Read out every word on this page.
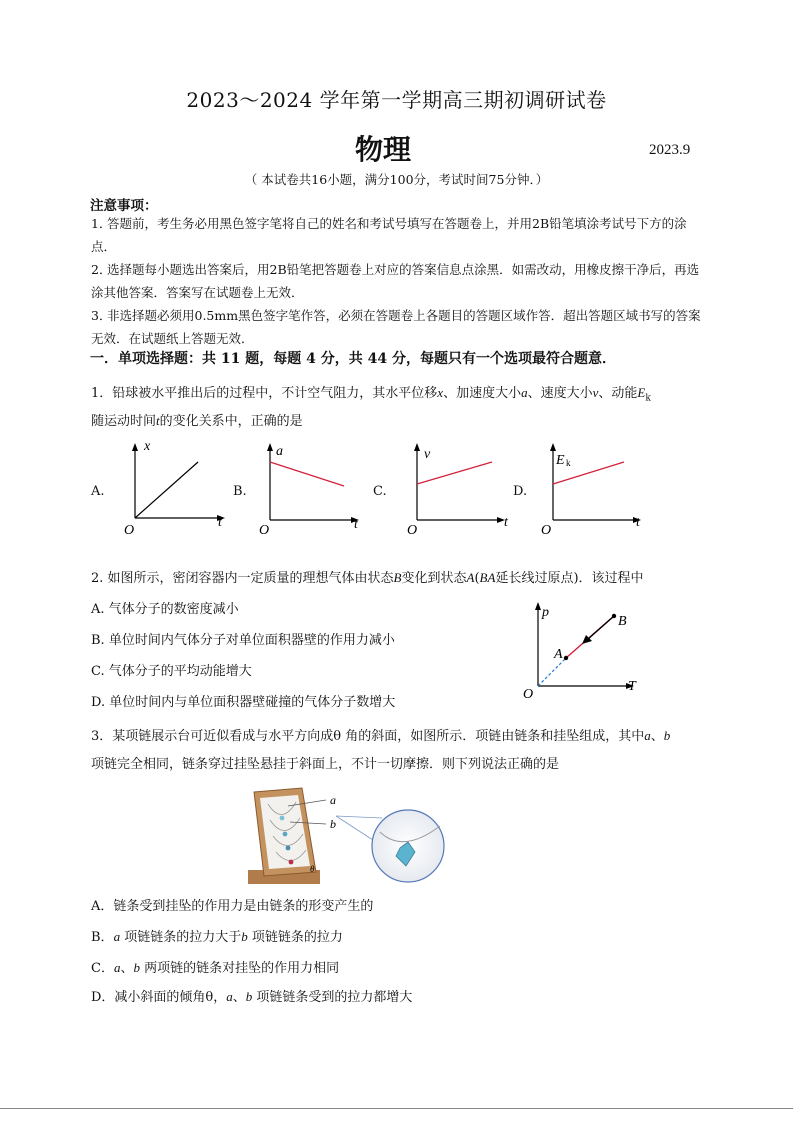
2023～2024 学年第一学期高三期初调研试卷
物理	2023.9
（ 本试卷共16小题，满分100分，考试时间75分钟．）
注意事项：
1．答题前，考生务必用黑色签字笔将自己的姓名和考试号填写在答题卷上，并用2B铅笔填涂考试号下方的涂点．
2．选择题每小题选出答案后，用2B铅笔把答题卷上对应的答案信息点涂黑．如需改动，用橡皮擦干净后，再选涂其他答案．答案写在试题卷上无效．
3．非选择题必须用0.5mm黑色签字笔作答，必须在答题卷上各题目的答题区域作答．超出答题区域书写的答案无效．在试题纸上答题无效．
一．单项选择题：共 11 题，每题 4 分，共 44 分，每题只有一个选项最符合题意．
1．铅球被水平推出后的过程中，不计空气阻力，其水平位移x、加速度大小a、速度大小v、动能$E_k$
随运动时间t的变化关系中，正确的是
A.
x
t
O
B.
a
t
O
C.
v
t
O
D.
E k
t
O
2. 如图所示，密闭容器内一定质量的理想气体由状态B变化到状态A(BA延长线过原点)．该过程中
A. 气体分子的数密度减小
B. 单位时间内气体分子对单位面积器壁的作用力减小
C. 气体分子的平均动能增大
D. 单位时间内与单位面积器壁碰撞的气体分子数增大
p
T
O
A
B
3．某项链展示台可近似看成与水平方向成θ 角的斜面，如图所示．项链由链条和挂坠组成，其中a、b
项链完全相同，链条穿过挂坠悬挂于斜面上，不计一切摩擦．则下列说法正确的是
a
b
θ
A．链条受到挂坠的作用力是由链条的形变产生的
B．a 项链链条的拉力大于b 项链链条的拉力
C．a、b 两项链的链条对挂坠的作用力相同
D．减小斜面的倾角θ，a、b 项链链条受到的拉力都增大
